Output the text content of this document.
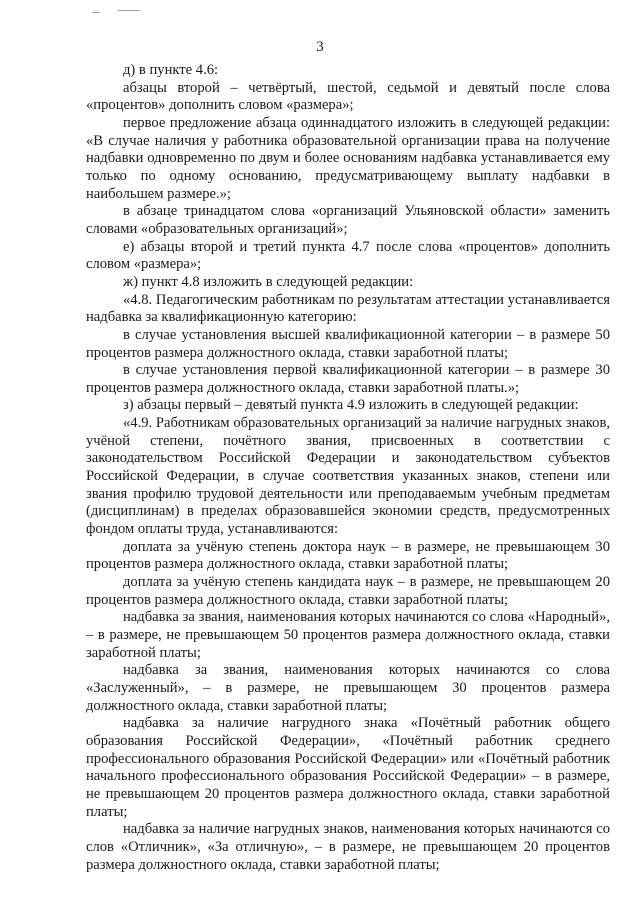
3

д) в пункте 4.6:

абзацы второй – четвёртый, шестой, седьмой и девятый после слова «процентов» дополнить словом «размера»;

первое предложение абзаца одиннадцатого изложить в следующей редакции: «В случае наличия у работника образовательной организации права на получение надбавки одновременно по двум и более основаниям надбавка устанавливается ему только по одному основанию, предусматривающему выплату надбавки в наибольшем размере.»;

в абзаце тринадцатом слова «организаций Ульяновской области» заменить словами «образовательных организаций»;

е) абзацы второй и третий пункта 4.7 после слова «процентов» дополнить словом «размера»;

ж) пункт 4.8 изложить в следующей редакции:

«4.8. Педагогическим работникам по результатам аттестации устанавливается надбавка за квалификационную категорию:

в случае установления высшей квалификационной категории – в размере 50 процентов размера должностного оклада, ставки заработной платы;

в случае установления первой квалификационной категории – в размере 30 процентов размера должностного оклада, ставки заработной платы.»;

з) абзацы первый – девятый пункта 4.9 изложить в следующей редакции:

«4.9. Работникам образовательных организаций за наличие нагрудных знаков, учёной степени, почётного звания, присвоенных в соответствии с законодательством Российской Федерации и законодательством субъектов Российской Федерации, в случае соответствия указанных знаков, степени или звания профилю трудовой деятельности или преподаваемым учебным предметам (дисциплинам) в пределах образовавшейся экономии средств, предусмотренных фондом оплаты труда, устанавливаются:

доплата за учёную степень доктора наук – в размере, не превышающем 30 процентов размера должностного оклада, ставки заработной платы;

доплата за учёную степень кандидата наук – в размере, не превышающем 20 процентов размера должностного оклада, ставки заработной платы;

надбавка за звания, наименования которых начинаются со слова «Народный», – в размере, не превышающем 50 процентов размера должностного оклада, ставки заработной платы;

надбавка за звания, наименования которых начинаются со слова «Заслуженный», – в размере, не превышающем 30 процентов размера должностного оклада, ставки заработной платы;

надбавка за наличие нагрудного знака «Почётный работник общего образования Российской Федерации», «Почётный работник среднего профессионального образования Российской Федерации» или «Почётный работник начального профессионального образования Российской Федерации» – в размере, не превышающем 20 процентов размера должностного оклада, ставки заработной платы;

надбавка за наличие нагрудных знаков, наименования которых начинаются со слов «Отличник», «За отличную», – в размере, не превышающем 20 процентов размера должностного оклада, ставки заработной платы;
